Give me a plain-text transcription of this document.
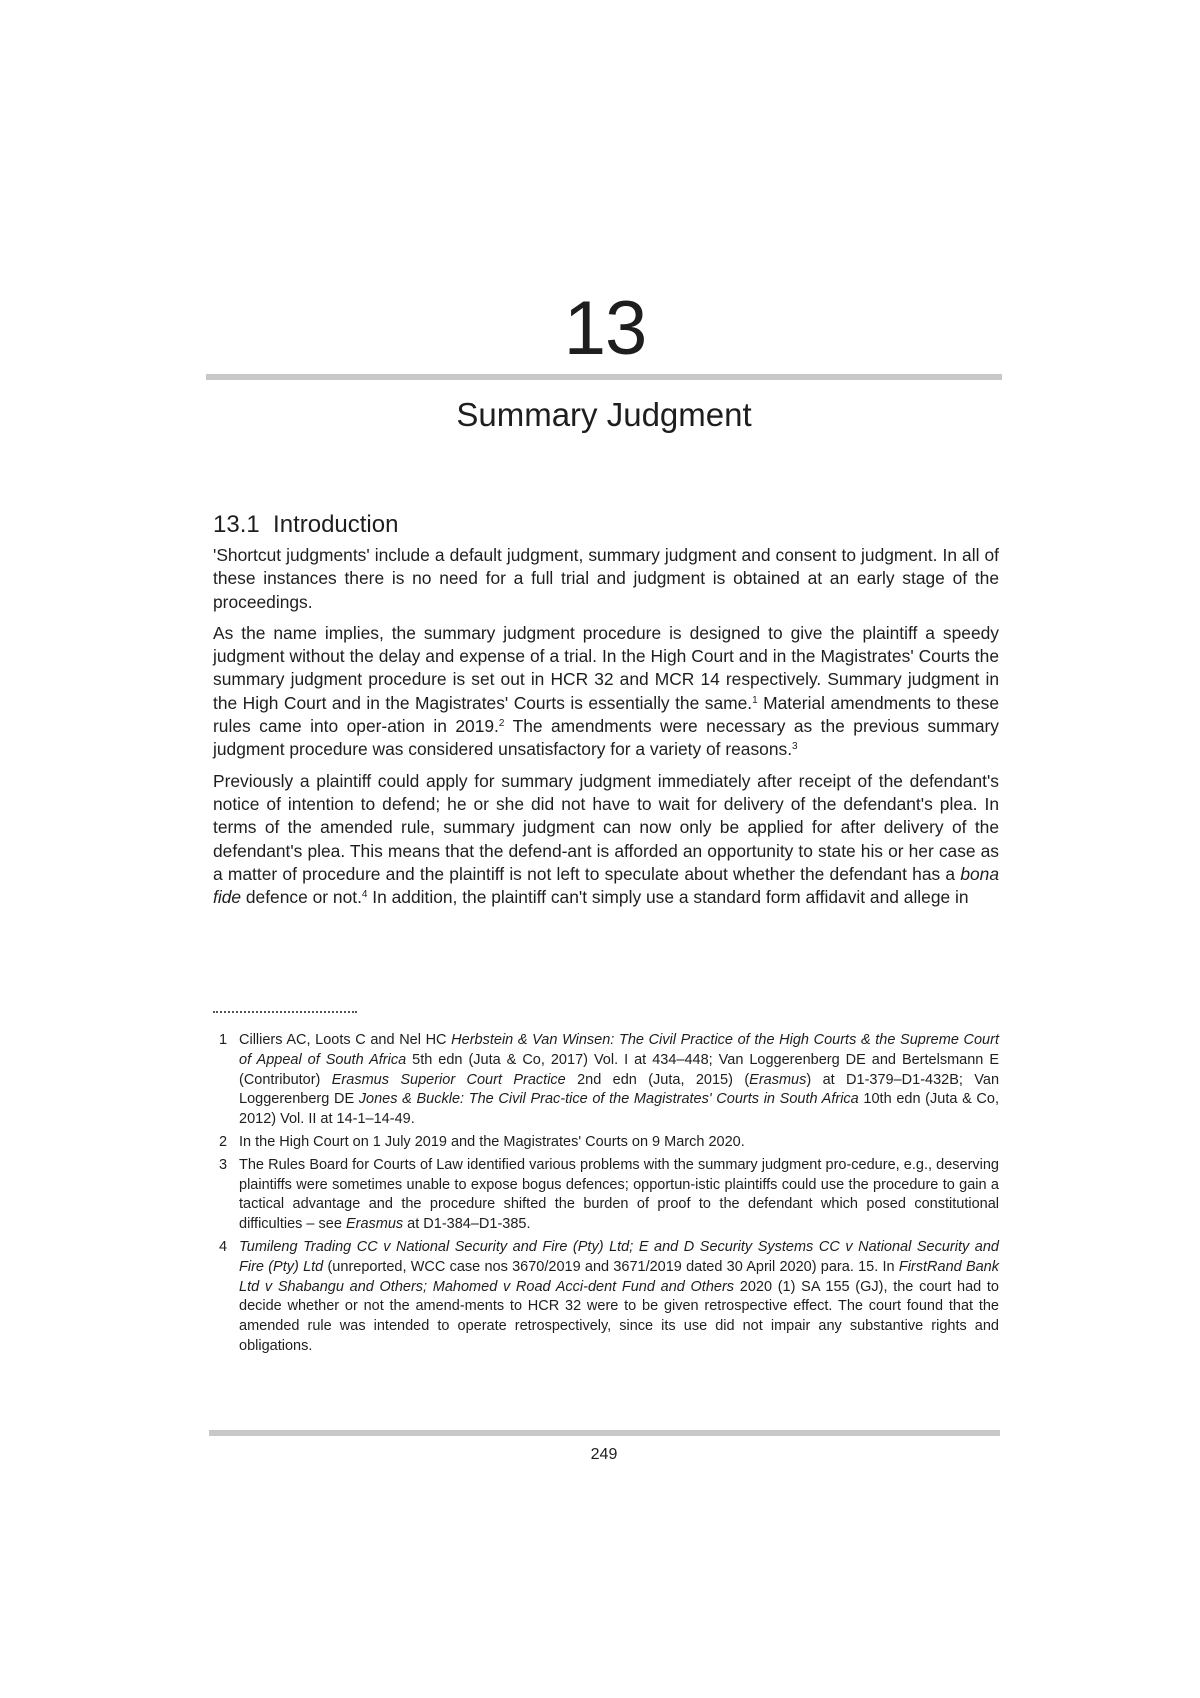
13
Summary Judgment
13.1  Introduction

'Shortcut judgments' include a default judgment, summary judgment and consent to judgment. In all of these instances there is no need for a full trial and judgment is obtained at an early stage of the proceedings.

As the name implies, the summary judgment procedure is designed to give the plaintiff a speedy judgment without the delay and expense of a trial. In the High Court and in the Magistrates' Courts the summary judgment procedure is set out in HCR 32 and MCR 14 respectively. Summary judgment in the High Court and in the Magistrates' Courts is essentially the same.$^1$ Material amendments to these rules came into oper-ation in 2019.$^2$ The amendments were necessary as the previous summary judgment procedure was considered unsatisfactory for a variety of reasons.$^3$

Previously a plaintiff could apply for summary judgment immediately after receipt of the defendant's notice of intention to defend; he or she did not have to wait for delivery of the defendant's plea. In terms of the amended rule, summary judgment can now only be applied for after delivery of the defendant's plea. This means that the defend-ant is afforded an opportunity to state his or her case as a matter of procedure and the plaintiff is not left to speculate about whether the defendant has a bona fide defence or not.$^4$ In addition, the plaintiff can't simply use a standard form affidavit and allege in

1 Cilliers AC, Loots C and Nel HC Herbstein & Van Winsen: The Civil Practice of the High Courts & the Supreme Court of Appeal of South Africa 5th edn (Juta & Co, 2017) Vol. I at 434–448; Van Loggerenberg DE and Bertelsmann E (Contributor) Erasmus Superior Court Practice 2nd edn (Juta, 2015) (Erasmus) at D1-379–D1-432B; Van Loggerenberg DE Jones & Buckle: The Civil Prac-tice of the Magistrates' Courts in South Africa 10th edn (Juta & Co, 2012) Vol. II at 14-1–14-49.
2 In the High Court on 1 July 2019 and the Magistrates' Courts on 9 March 2020.
3 The Rules Board for Courts of Law identified various problems with the summary judgment pro-cedure, e.g., deserving plaintiffs were sometimes unable to expose bogus defences; opportun-istic plaintiffs could use the procedure to gain a tactical advantage and the procedure shifted the burden of proof to the defendant which posed constitutional difficulties – see Erasmus at D1-384–D1-385.
4 Tumileng Trading CC v National Security and Fire (Pty) Ltd; E and D Security Systems CC v National Security and Fire (Pty) Ltd (unreported, WCC case nos 3670/2019 and 3671/2019 dated 30 April 2020) para. 15. In FirstRand Bank Ltd v Shabangu and Others; Mahomed v Road Acci-dent Fund and Others 2020 (1) SA 155 (GJ), the court had to decide whether or not the amend-ments to HCR 32 were to be given retrospective effect. The court found that the amended rule was intended to operate retrospectively, since its use did not impair any substantive rights and obligations.
249
